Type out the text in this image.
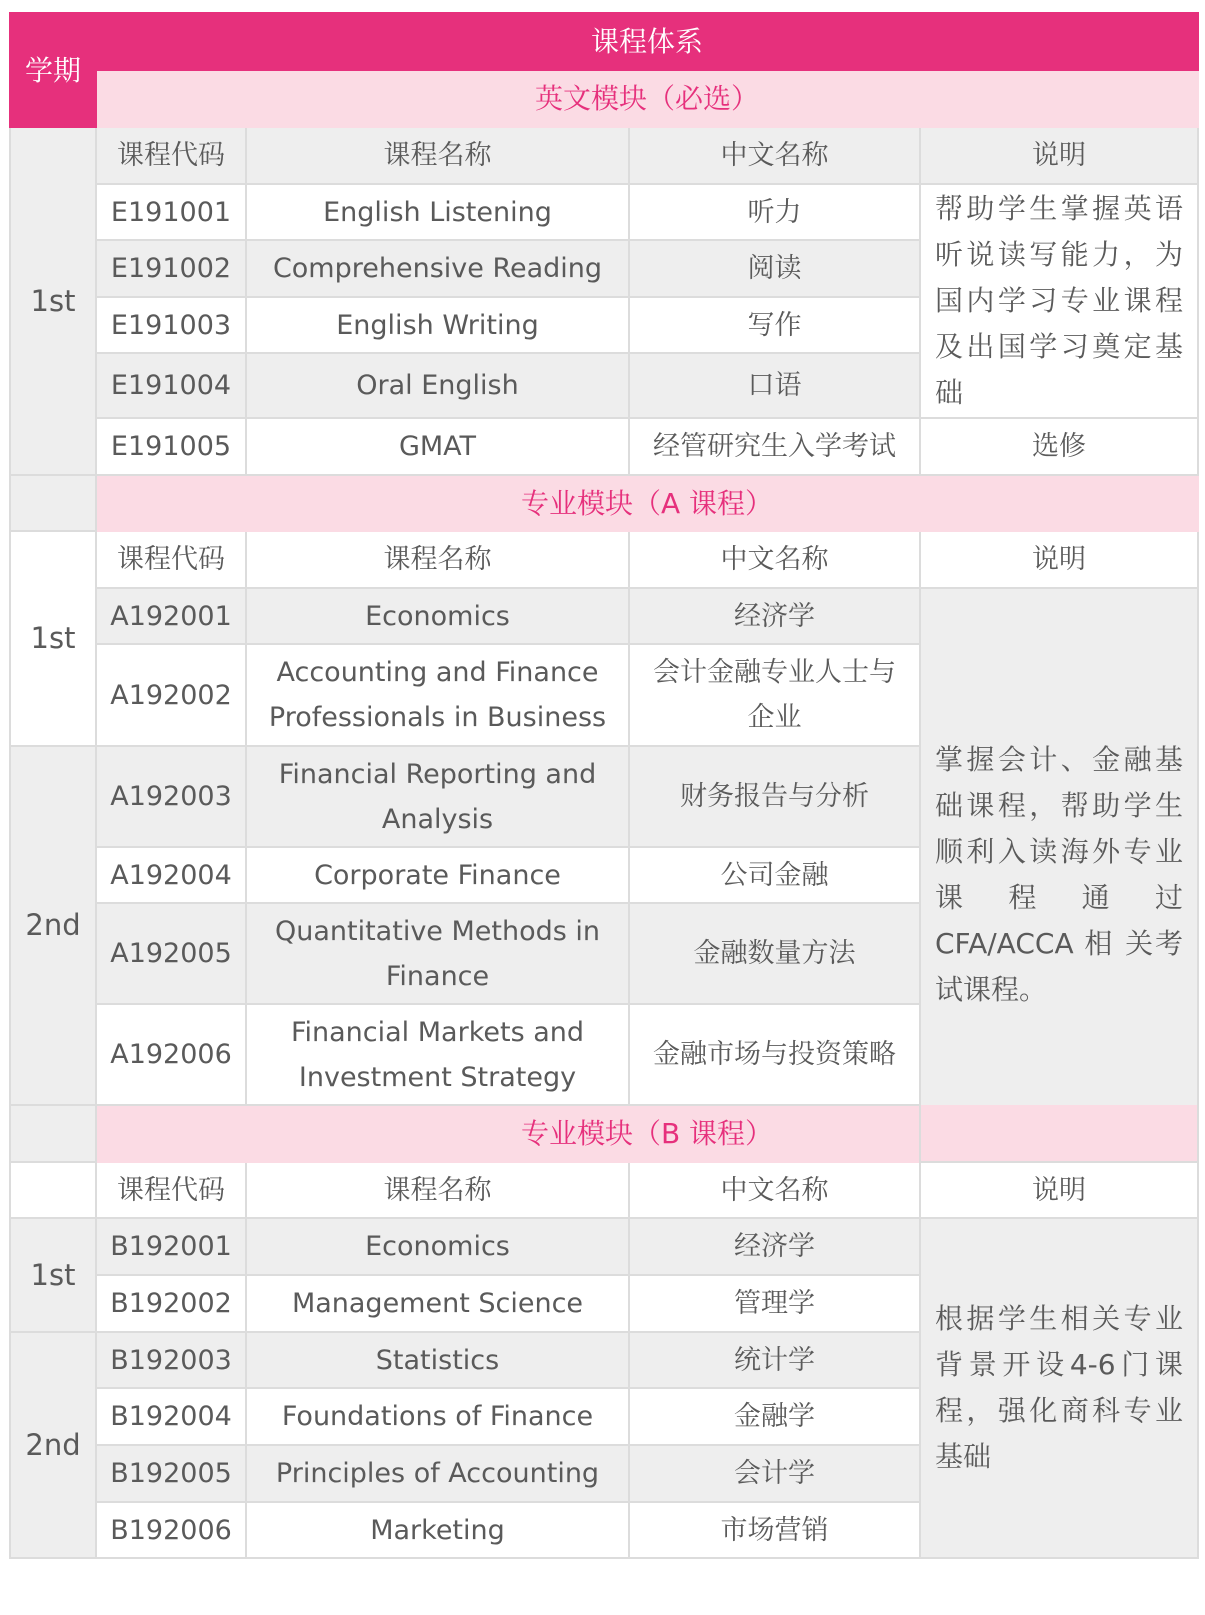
学期	课程体系			
	英文模块（必选）			
1st	课程代码	课程名称	中文名称	说明
	E191001	English Listening	听力	帮助学生掌握英语听说读写能力，为国内学习专业课程及出国学习奠定基础
	E191002	Comprehensive Reading	阅读	
	E191003	English Writing	写作	
	E191004	Oral English	口语	
	E191005	GMAT	经管研究生入学考试	选修
	专业模块（A 课程）			
1st	课程代码	课程名称	中文名称	说明
	A192001	Economics	经济学	掌握会计、金融基础课程，帮助学生顺利入读海外专业课程通过CFA/ACCA 相 关考试课程。
	A192002	Accounting and Finance Professionals in Business	会计金融专业人士与企业	
2nd	A192003	Financial Reporting and Analysis	财务报告与分析	
	A192004	Corporate Finance	公司金融	
	A192005	Quantitative Methods in Finance	金融数量方法	
	A192006	Financial Markets and Investment Strategy	金融市场与投资策略	
	专业模块（B 课程）			
	课程代码	课程名称	中文名称	说明
1st	B192001	Economics	经济学	根据学生相关专业背景开设4-6门课程，强化商科专业基础
	B192002	Management Science	管理学	
2nd	B192003	Statistics	统计学	
	B192004	Foundations of Finance	金融学	
	B192005	Principles of Accounting	会计学	
	B192006	Marketing	市场营销	
